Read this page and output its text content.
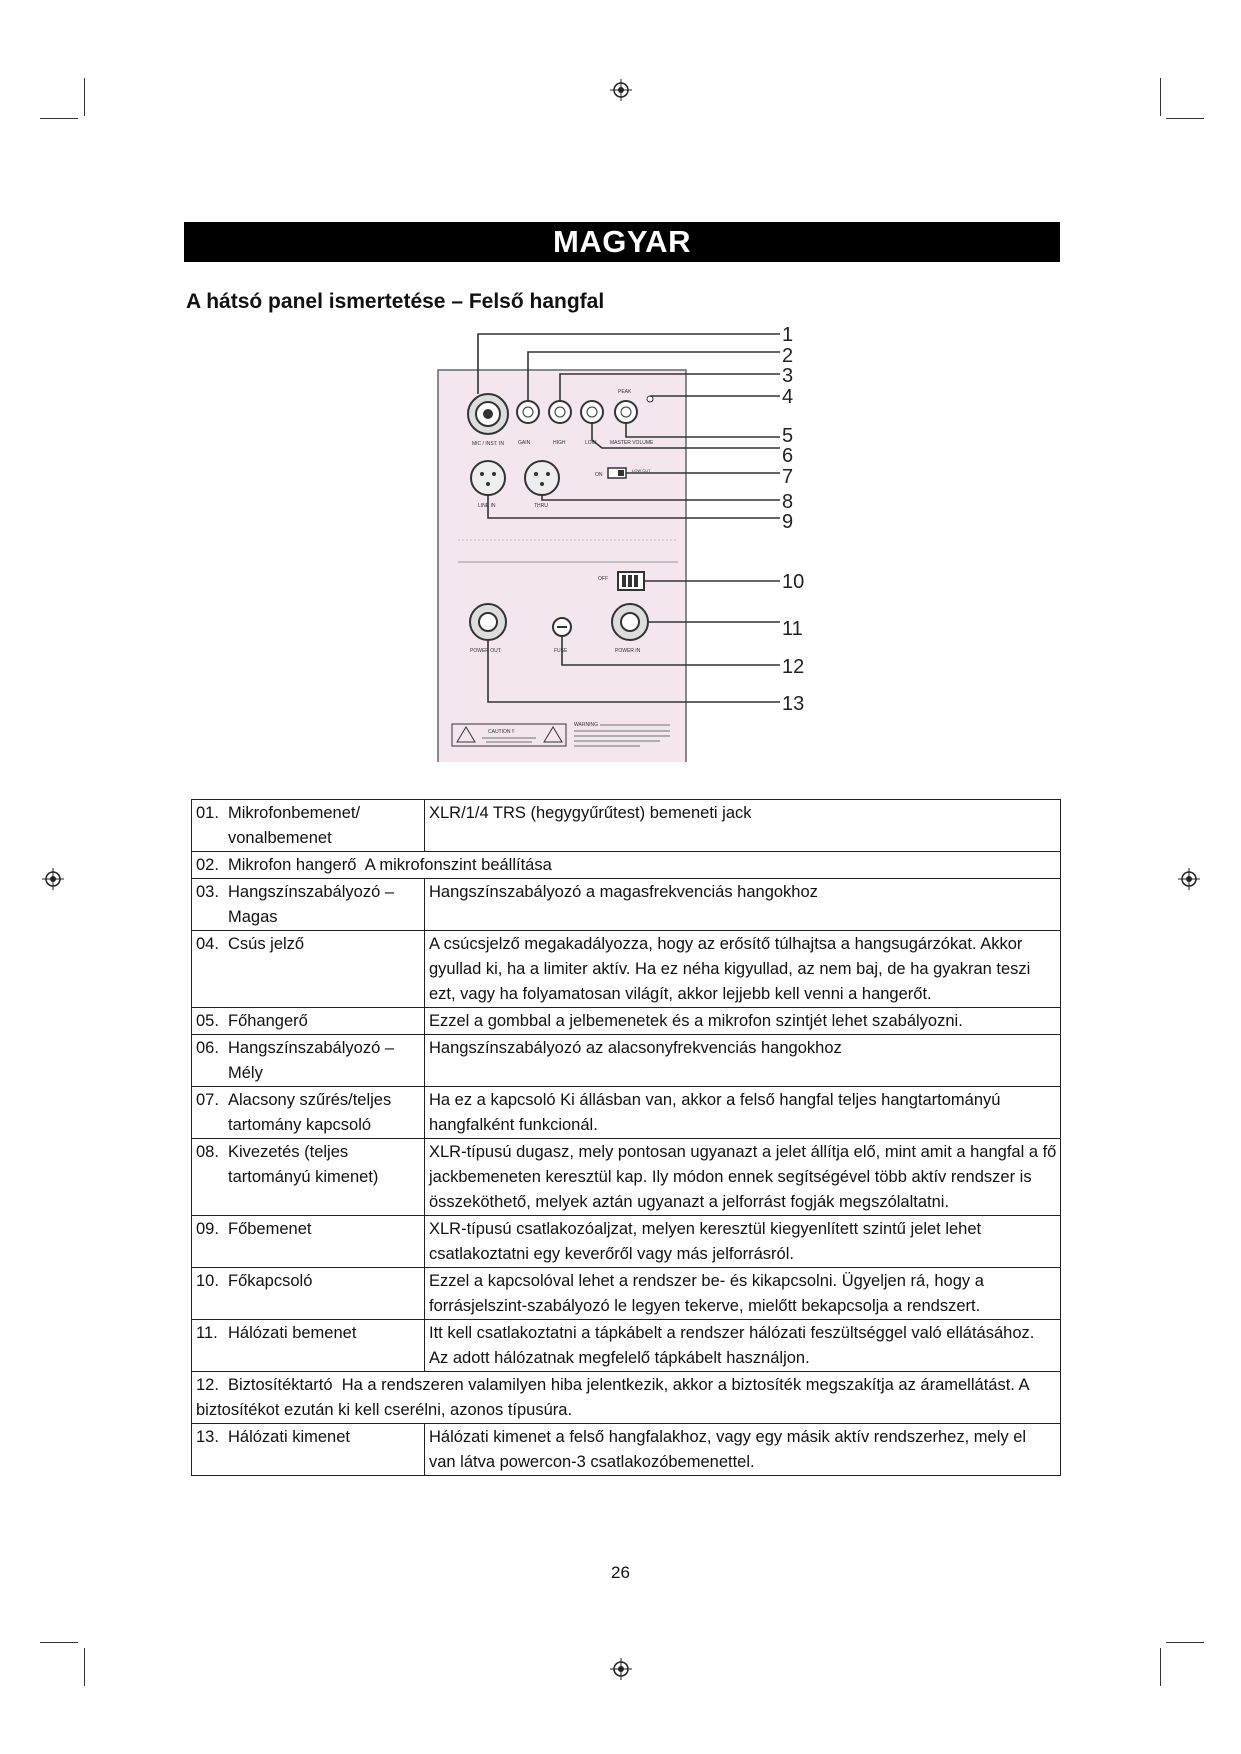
MAGYAR
A hátsó panel ismertetése – Felső hangfal
MIC / INST. IN
PEAK
GAIN	HIGH	LOW	MASTER VOLUME
LINE IN	THRU
ON
LOW CUT
OFF
POWER OUT	FUSE	POWER IN
CAUTION !!
WARNING
1
2
3
4
5
6
7
8
9
10
11
12
13
01. Mikrofonbemenet/
vonalbemenet	XLR/1/4 TRS (hegygyűrűtest) bemeneti jack
02. Mikrofon hangerő A mikrofonszint beállítása	
03. Hangszínszabályozó –
Magas	Hangszínszabályozó a magasfrekvenciás hangokhoz
04. Csús jelző	A csúcsjelző megakadályozza, hogy az erősítő túlhajtsa a hangsugárzókat. Akkor gyullad ki, ha a limiter aktív. Ha ez néha kigyullad, az nem baj, de ha gyakran teszi ezt, vagy ha folyamatosan világít, akkor lejjebb kell venni a hangerőt.
05. Főhangerő	Ezzel a gombbal a jelbemenetek és a mikrofon szintjét lehet szabályozni.
06. Hangszínszabályozó –
Mély	Hangszínszabályozó az alacsonyfrekvenciás hangokhoz
07. Alacsony szűrés/teljes
tartomány kapcsoló	Ha ez a kapcsoló Ki állásban van, akkor a felső hangfal teljes hangtartományú hangfalként funkcionál.
08. Kivezetés (teljes
tartományú kimenet)	XLR-típusú dugasz, mely pontosan ugyanazt a jelet állítja elő, mint amit a hangfal a fő jackbemeneten keresztül kap. Ily módon ennek segítségével több aktív rendszer is összeköthető, melyek aztán ugyanazt a jelforrást fogják megszólaltatni.
09. Főbemenet	XLR-típusú csatlakozóaljzat, melyen keresztül kiegyenlített szintű jelet lehet csatlakoztatni egy keverőről vagy más jelforrásról.
10. Főkapcsoló	Ezzel a kapcsolóval lehet a rendszer be- és kikapcsolni. Ügyeljen rá, hogy a forrásjelszint-szabályozó le legyen tekerve, mielőtt bekapcsolja a rendszert.
11. Hálózati bemenet	Itt kell csatlakoztatni a tápkábelt a rendszer hálózati feszültséggel való ellátásához. Az adott hálózatnak megfelelő tápkábelt használjon.
12. Biztosítéktartó Ha a rendszeren valamilyen hiba jelentkezik, akkor a biztosíték megszakítja az áramellátást. A biztosítékot ezután ki kell cserélni, azonos típusúra.	
13. Hálózati kimenet	Hálózati kimenet a felső hangfalakhoz, vagy egy másik aktív rendszerhez, mely el van látva powercon-3 csatlakozóbemenettel.
26
